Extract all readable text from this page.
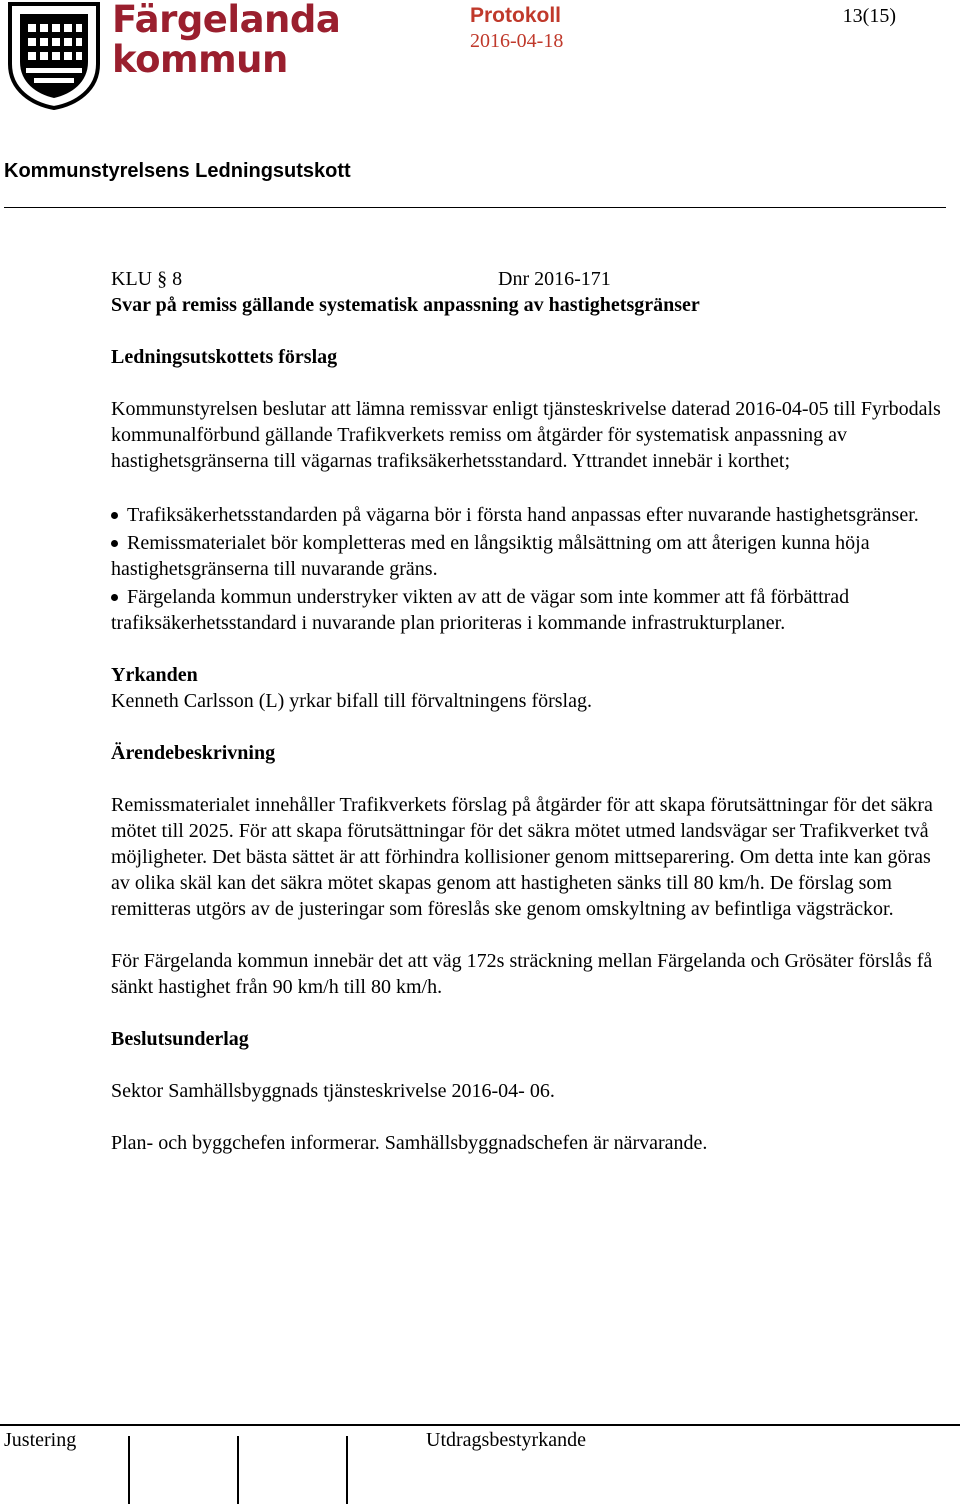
Färgelanda
kommun
Protokoll
2016-04-18
13(15)
Kommunstyrelsens Ledningsutskott
KLU § 8	Dnr 2016-171

Svar på remiss gällande systematisk anpassning av hastighetsgränser

Ledningsutskottets förslag

Kommunstyrelsen beslutar att lämna remissvar enligt tjänsteskrivelse daterad 2016-04-05 till Fyrbodals kommunalförbund gällande Trafikverkets remiss om åtgärder för systematisk anpassning av hastighetsgränserna till vägarnas trafiksäkerhetsstandard. Yttrandet innebär i korthet;

Trafiksäkerhetsstandarden på vägarna bör i första hand anpassas efter nuvarande hastighetsgränser.
Remissmaterialet bör kompletteras med en långsiktig målsättning om att återigen kunna höja hastighetsgränserna till nuvarande gräns.
Färgelanda kommun understryker vikten av att de vägar som inte kommer att få förbättrad trafiksäkerhetsstandard i nuvarande plan prioriteras i kommande infrastrukturplaner.

Yrkanden

Kenneth Carlsson (L) yrkar bifall till förvaltningens förslag.

Ärendebeskrivning

Remissmaterialet innehåller Trafikverkets förslag på åtgärder för att skapa förutsättningar för det säkra mötet till 2025. För att skapa förutsättningar för det säkra mötet utmed landsvägar ser Trafikverket två möjligheter. Det bästa sättet är att förhindra kollisioner genom mittseparering. Om detta inte kan göras av olika skäl kan det säkra mötet skapas genom att hastigheten sänks till 80 km/h. De förslag som remitteras utgörs av de justeringar som föreslås ske genom omskyltning av befintliga vägsträckor.

För Färgelanda kommun innebär det att väg 172s sträckning mellan Färgelanda och Grösäter förslås få sänkt hastighet från 90 km/h till 80 km/h.

Beslutsunderlag

Sektor Samhällsbyggnads tjänsteskrivelse 2016-04- 06.

Plan- och byggchefen informerar. Samhällsbyggnadschefen är närvarande.

Justering	Utdragsbestyrkande
